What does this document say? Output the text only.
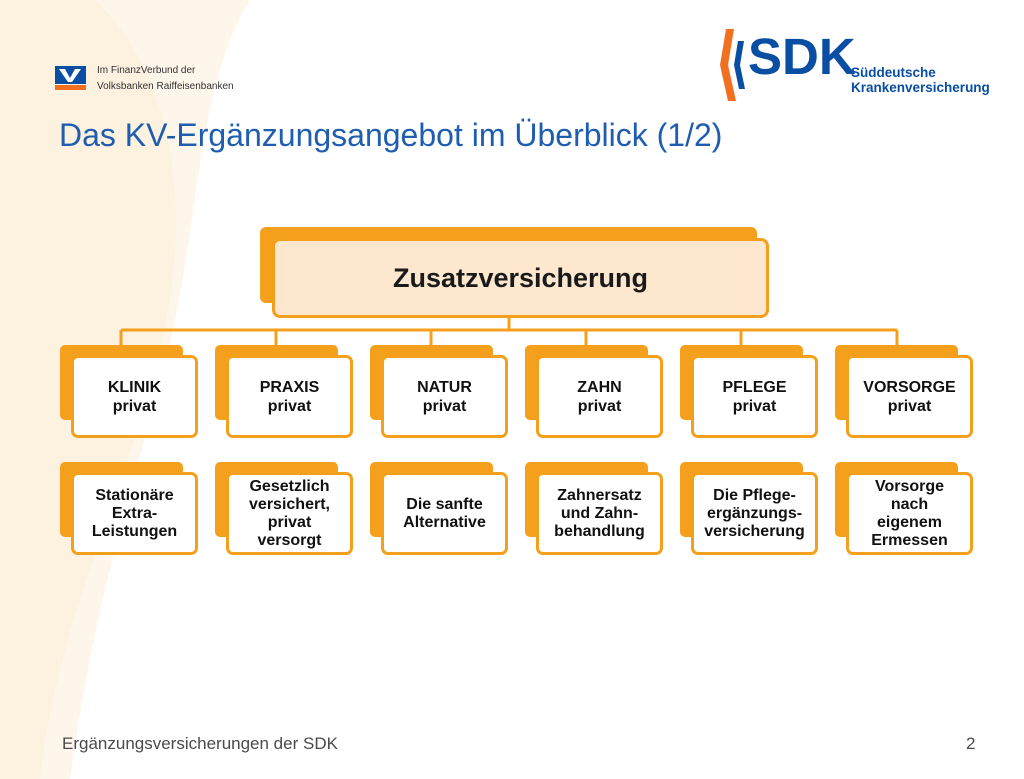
Im FinanzVerbund der
Volksbanken Raiffeisenbanken
SDK
Süddeutsche
Krankenversicherung
Das KV-Ergänzungsangebot im Überblick (1/2)
Zusatzversicherung
KLINIK
privat
Stationäre
Extra-
Leistungen
PRAXIS
privat
Gesetzlich
versichert,
privat
versorgt
NATUR
privat
Die sanfte
Alternative
ZAHN
privat
Zahnersatz
und Zahn-
behandlung
PFLEGE
privat
Die Pflege-
ergänzungs-
versicherung
VORSORGE
privat
Vorsorge
nach
eigenem
Ermessen
Ergänzungsversicherungen der SDK	2
